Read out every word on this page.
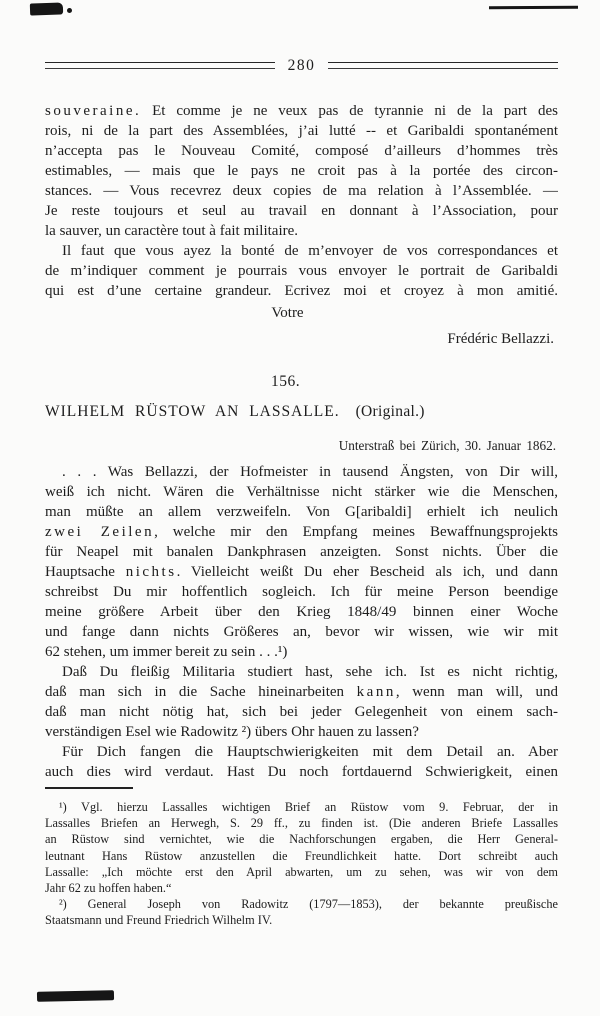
280
souveraine. Et comme je ne veux pas de tyrannie ni de la part des
rois, ni de la part des Assemblées, j’ai lutté -- et Garibaldi spontanément
n’accepta pas le Nouveau Comité, composé d’ailleurs d’hommes très
estimables, — mais que le pays ne croit pas à la portée des circon-
stances. — Vous recevrez deux copies de ma relation à l’Assemblée. —
Je reste toujours et seul au travail en donnant à l’Association, pour
la sauver, un caractère tout à fait militaire.
Il faut que vous ayez la bonté de m’envoyer de vos correspondances et
de m’indiquer comment je pourrais vous envoyer le portrait de Garibaldi
qui est d’une certaine grandeur. Ecrivez moi et croyez à mon amitié.
Votre
Frédéric Bellazzi.
156.
WILHELM RÜSTOW AN LASSALLE. (Original.)
Unterstraß bei Zürich, 30. Januar 1862.
. . . Was Bellazzi, der Hofmeister in tausend Ängsten, von Dir will,
weiß ich nicht. Wären die Verhältnisse nicht stärker wie die Menschen,
man müßte an allem verzweifeln. Von G[aribaldi] erhielt ich neulich
zwei Zeilen, welche mir den Empfang meines Bewaffnungsprojekts
für Neapel mit banalen Dankphrasen anzeigten. Sonst nichts. Über die
Hauptsache nichts. Vielleicht weißt Du eher Bescheid als ich, und dann
schreibst Du mir hoffentlich sogleich. Ich für meine Person beendige
meine größere Arbeit über den Krieg 1848/49 binnen einer Woche
und fange dann nichts Größeres an, bevor wir wissen, wie wir mit
62 stehen, um immer bereit zu sein . . .¹)
Daß Du fleißig Militaria studiert hast, sehe ich. Ist es nicht richtig,
daß man sich in die Sache hineinarbeiten kann, wenn man will, und
daß man nicht nötig hat, sich bei jeder Gelegenheit von einem sach-
verständigen Esel wie Radowitz ²) übers Ohr hauen zu lassen?
Für Dich fangen die Hauptschwierigkeiten mit dem Detail an. Aber
auch dies wird verdaut. Hast Du noch fortdauernd Schwierigkeit, einen
¹) Vgl. hierzu Lassalles wichtigen Brief an Rüstow vom 9. Februar, der in
Lassalles Briefen an Herwegh, S. 29 ff., zu finden ist. (Die anderen Briefe Lassalles
an Rüstow sind vernichtet, wie die Nachforschungen ergaben, die Herr General-
leutnant Hans Rüstow anzustellen die Freundlichkeit hatte. Dort schreibt auch
Lassalle: „Ich möchte erst den April abwarten, um zu sehen, was wir von dem
Jahr 62 zu hoffen haben.“
²) General Joseph von Radowitz (1797—1853), der bekannte preußische
Staatsmann und Freund Friedrich Wilhelm IV.
